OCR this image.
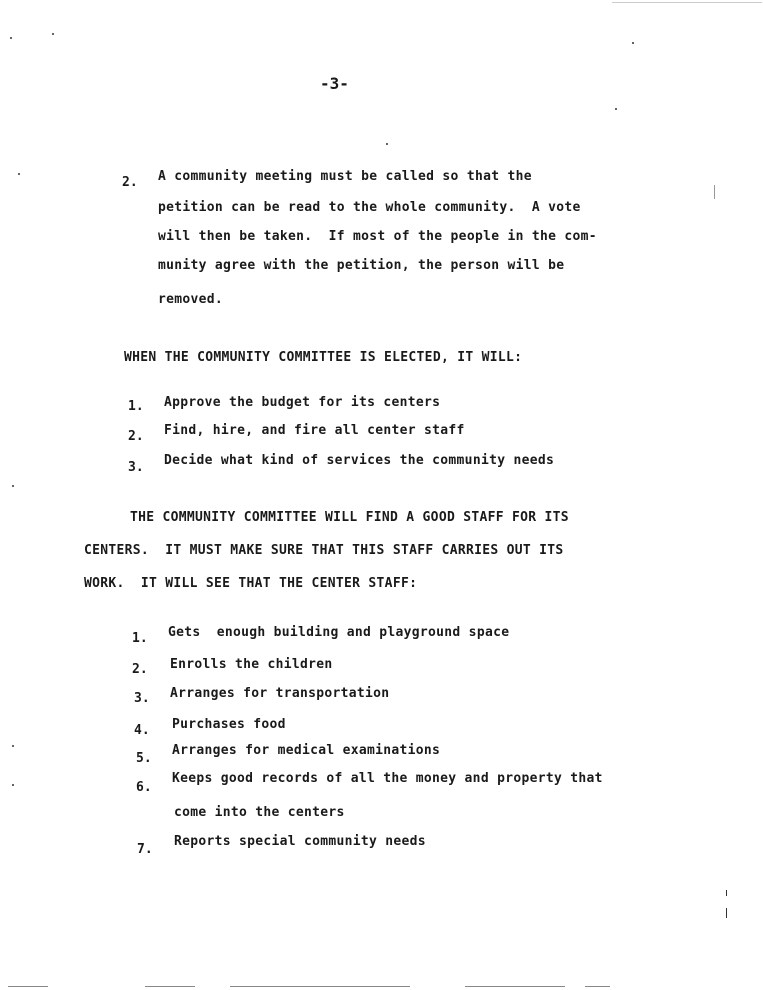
-3-
2. A community meeting must be called so that the
petition can be read to the whole community.  A vote
will then be taken.  If most of the people in the com-
munity agree with the petition, the person will be
removed.
WHEN THE COMMUNITY COMMITTEE IS ELECTED, IT WILL:
1. Approve the budget for its centers
2. Find, hire, and fire all center staff
3. Decide what kind of services the community needs
THE COMMUNITY COMMITTEE WILL FIND A GOOD STAFF FOR ITS
CENTERS.  IT MUST MAKE SURE THAT THIS STAFF CARRIES OUT ITS
WORK.  IT WILL SEE THAT THE CENTER STAFF:
1. Gets  enough building and playground space
2. Enrolls the children
3. Arranges for transportation
4. Purchases food
5.
Arranges for medical examinations
6.
Keeps good records of all the money and property that
come into the centers
7.
Reports special community needs
